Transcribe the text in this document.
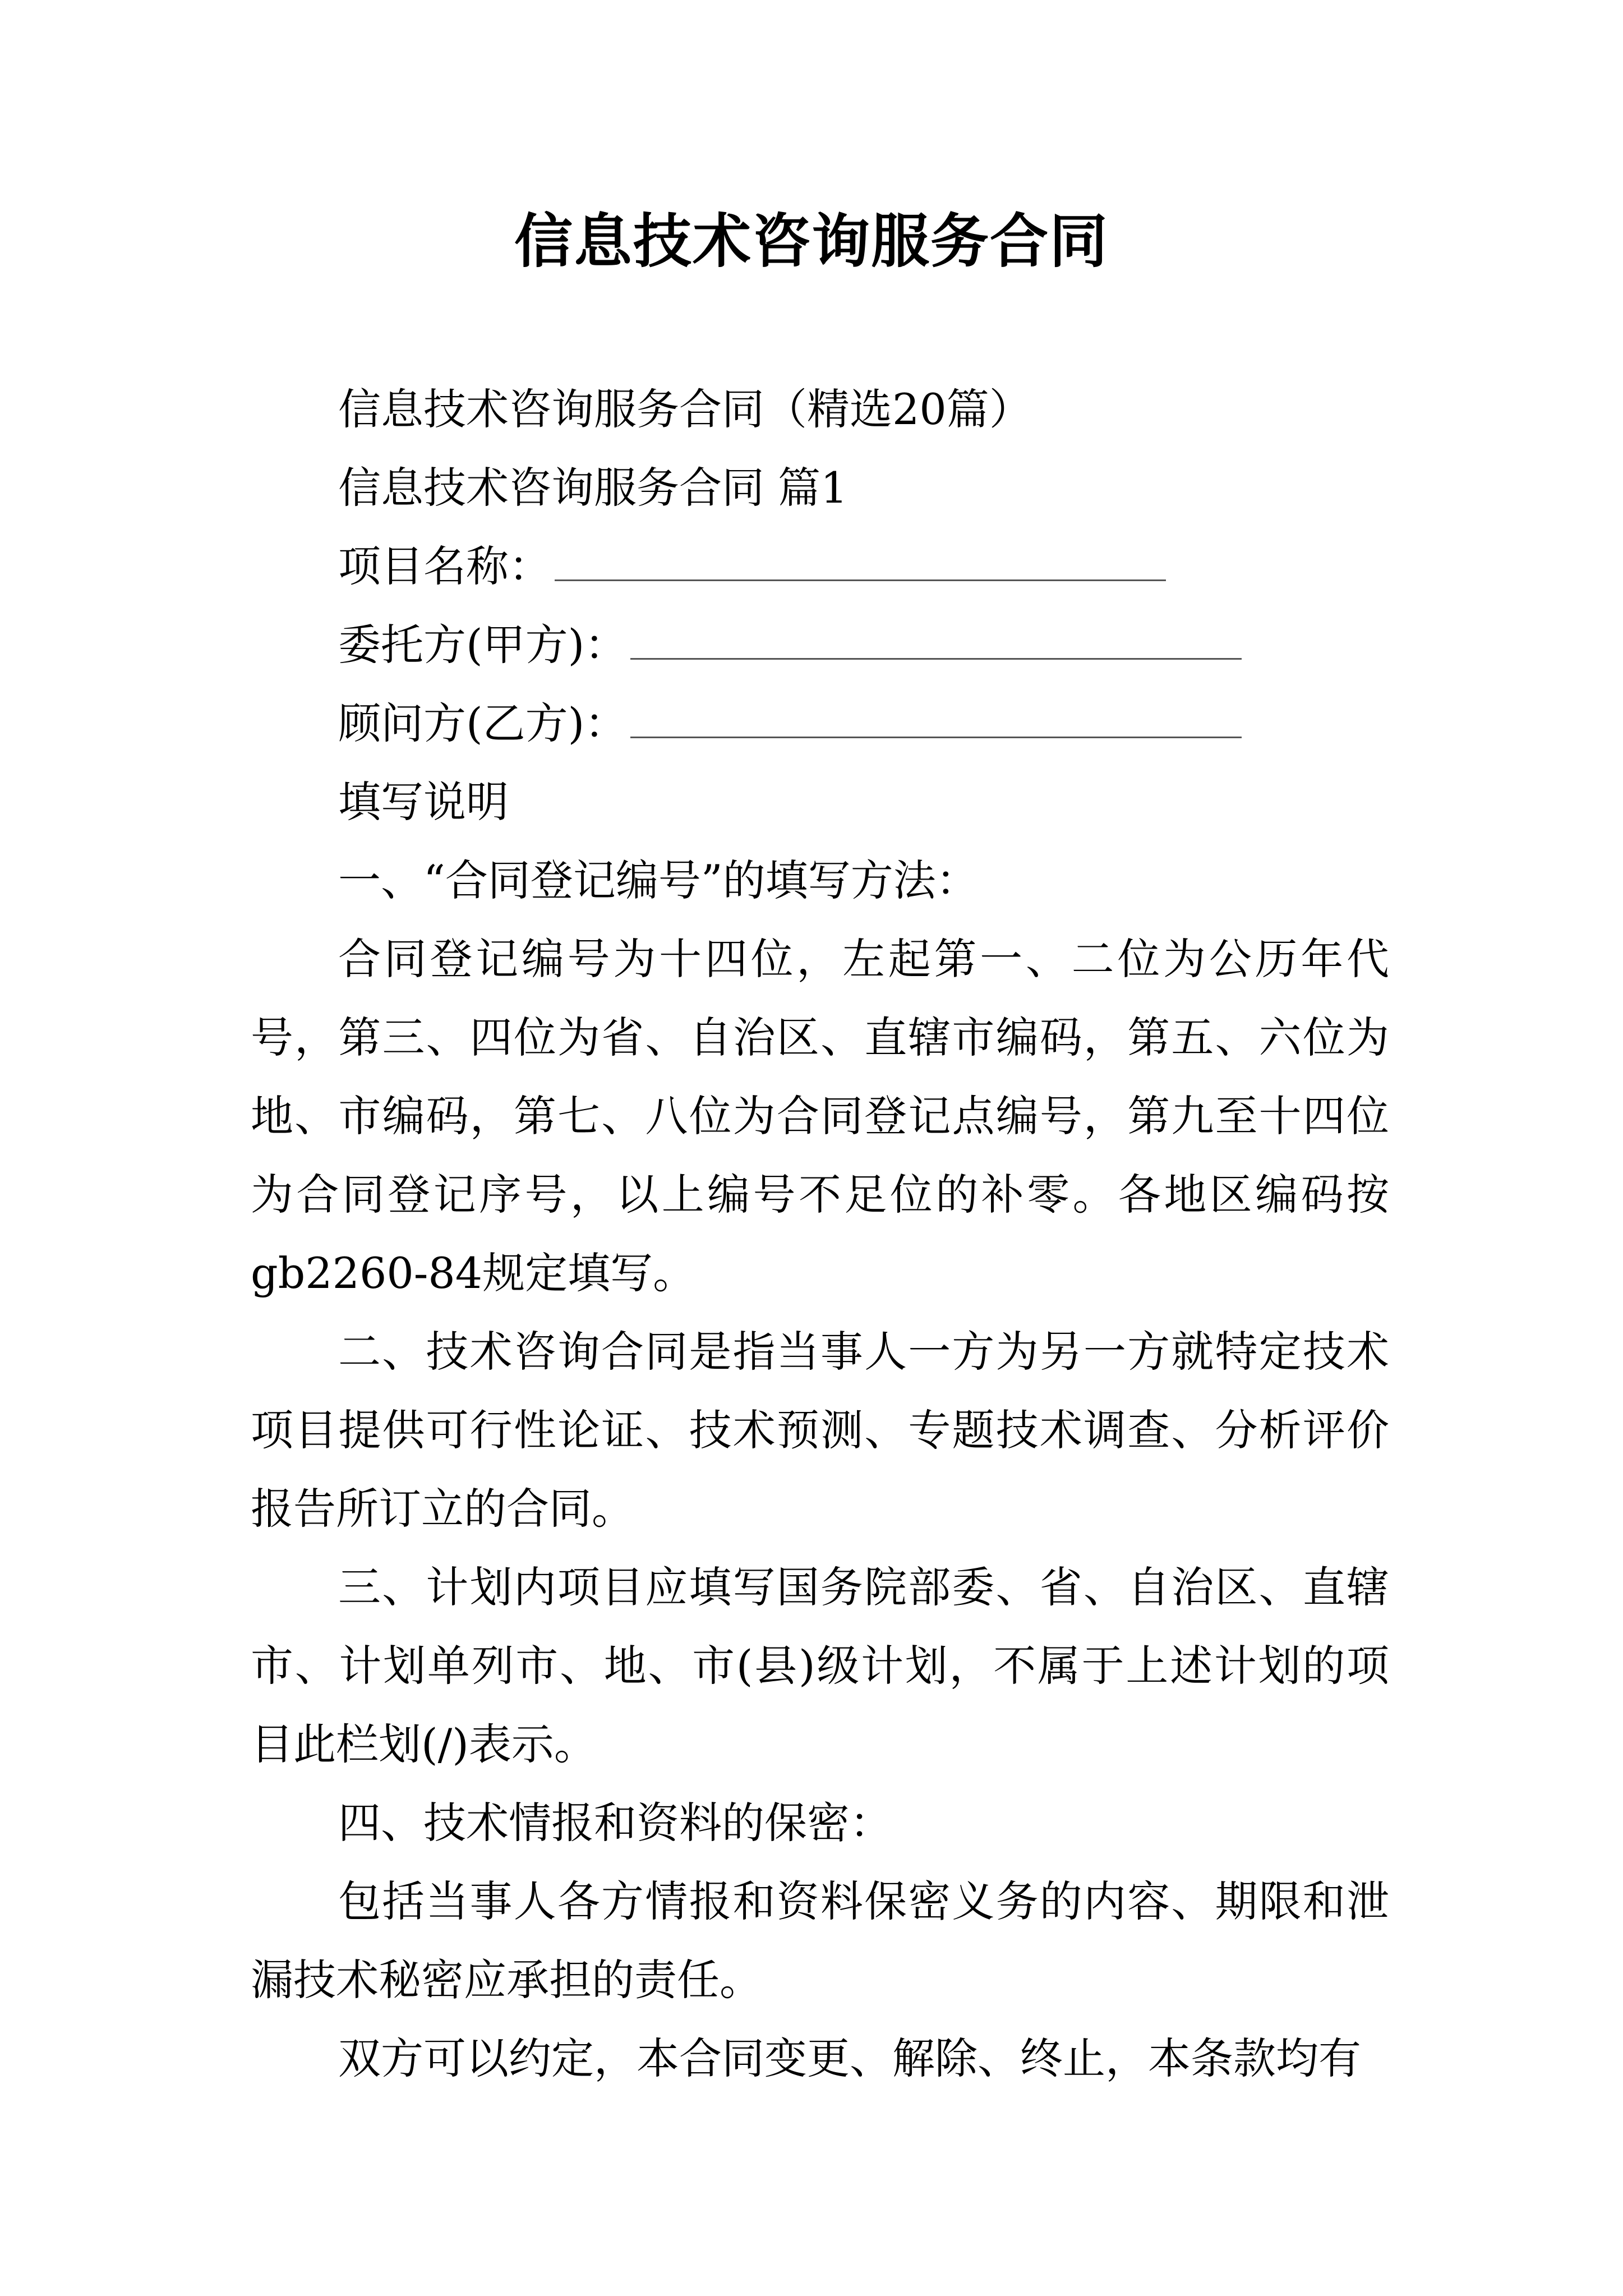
信息技术咨询服务合同
信息技术咨询服务合同（精选20篇）
信息技术咨询服务合同 篇1
项目名称：
委托方(甲方)：
顾问方(乙方)：
填写说明
一、“合同登记编号”的填写方法：

合同登记编号为十四位，左起第一、二位为公历年代号，第三、四位为省、自治区、直辖市编码，第五、六位为地、市编码，第七、八位为合同登记点编号，第九至十四位为合同登记序号，以上编号不足位的补零。各地区编码按gb2260-84规定填写。

二、技术咨询合同是指当事人一方为另一方就特定技术项目提供可行性论证、技术预测、专题技术调查、分析评价报告所订立的合同。

三、计划内项目应填写国务院部委、省、自治区、直辖市、计划单列市、地、市(县)级计划，不属于上述计划的项目此栏划(/)表示。

四、技术情报和资料的保密：

包括当事人各方情报和资料保密义务的内容、期限和泄漏技术秘密应承担的责任。

双方可以约定，本合同变更、解除、终止，本条款均有
